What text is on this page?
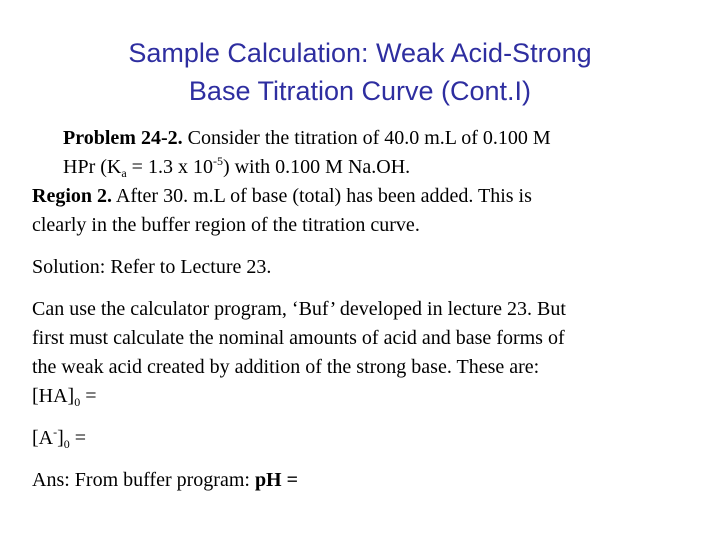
Sample Calculation: Weak Acid-Strong
Base Titration Curve (Cont.I)
Problem 24-2. Consider the titration of 40.0 m.L of 0.100 M
HPr ($K_a = 1.3$ x $10^{-5}$) with 0.100 M Na.OH.
Region 2. After 30. m.L of base (total) has been added. This is
clearly in the buffer region of the titration curve.
Solution: Refer to Lecture 23.
Can use the calculator program, ‘Buf’ developed in lecture 23. But
first must calculate the nominal amounts of acid and base forms of
the weak acid created by addition of the strong base. These are:
$[HA]_0$ =
$[A^-]_0$ =
Ans: From buffer program: pH =
